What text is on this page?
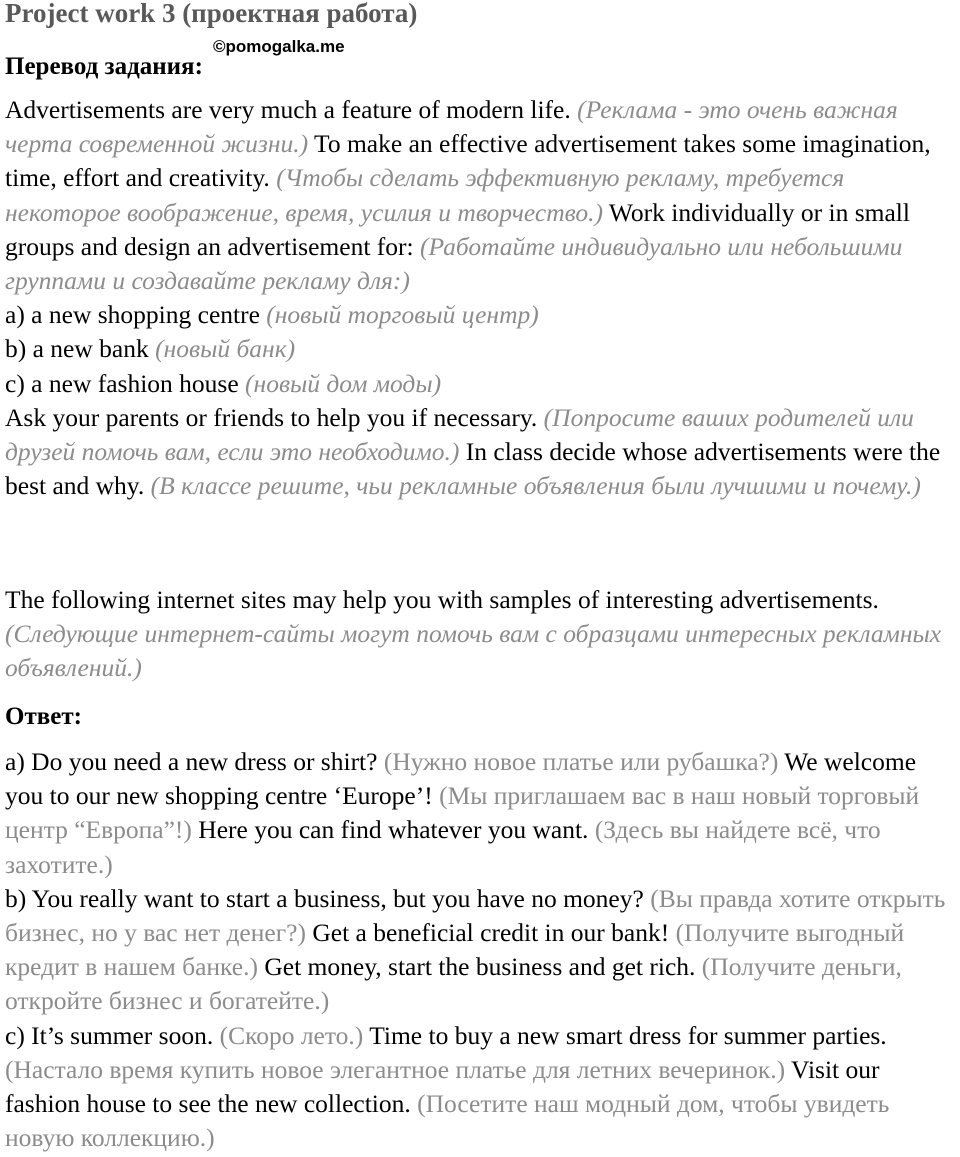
Project work 3 (проектная работа)
©pomogalka.me
Перевод задания:
Advertisements are very much a feature of modern life. (Реклама - это очень важная черта современной жизни.) To make an effective advertisement takes some imagination, time, effort and creativity. (Чтобы сделать эффективную рекламу, требуется некоторое воображение, время, усилия и творчество.) Work individually or in small groups and design an advertisement for: (Работайте индивидуально или небольшими группами и создавайте рекламу для:)
a) a new shopping centre (новый торговый центр)
b) a new bank (новый банк)
c) a new fashion house (новый дом моды)
Ask your parents or friends to help you if necessary. (Попросите ваших родителей или друзей помочь вам, если это необходимо.) In class decide whose advertisements were the best and why. (В классе решите, чьи рекламные объявления были лучшими и почему.)
The following internet sites may help you with samples of interesting advertisements. (Следующие интернет-сайты могут помочь вам с образцами интересных рекламных объявлений.)
Ответ:
a) Do you need a new dress or shirt? (Нужно новое платье или рубашка?) We welcome you to our new shopping centre ‘Europe’! (Мы приглашаем вас в наш новый торговый центр “Европа”!) Here you can find whatever you want. (Здесь вы найдете всё, что захотите.)
b) You really want to start a business, but you have no money? (Вы правда хотите открыть бизнес, но у вас нет денег?) Get a beneficial credit in our bank! (Получите выгодный кредит в нашем банке.) Get money, start the business and get rich. (Получите деньги, откройте бизнес и богатейте.)
c) It’s summer soon. (Скоро лето.) Time to buy a new smart dress for summer parties. (Настало время купить новое элегантное платье для летних вечеринок.) Visit our fashion house to see the new collection. (Посетите наш модный дом, чтобы увидеть новую коллекцию.)
